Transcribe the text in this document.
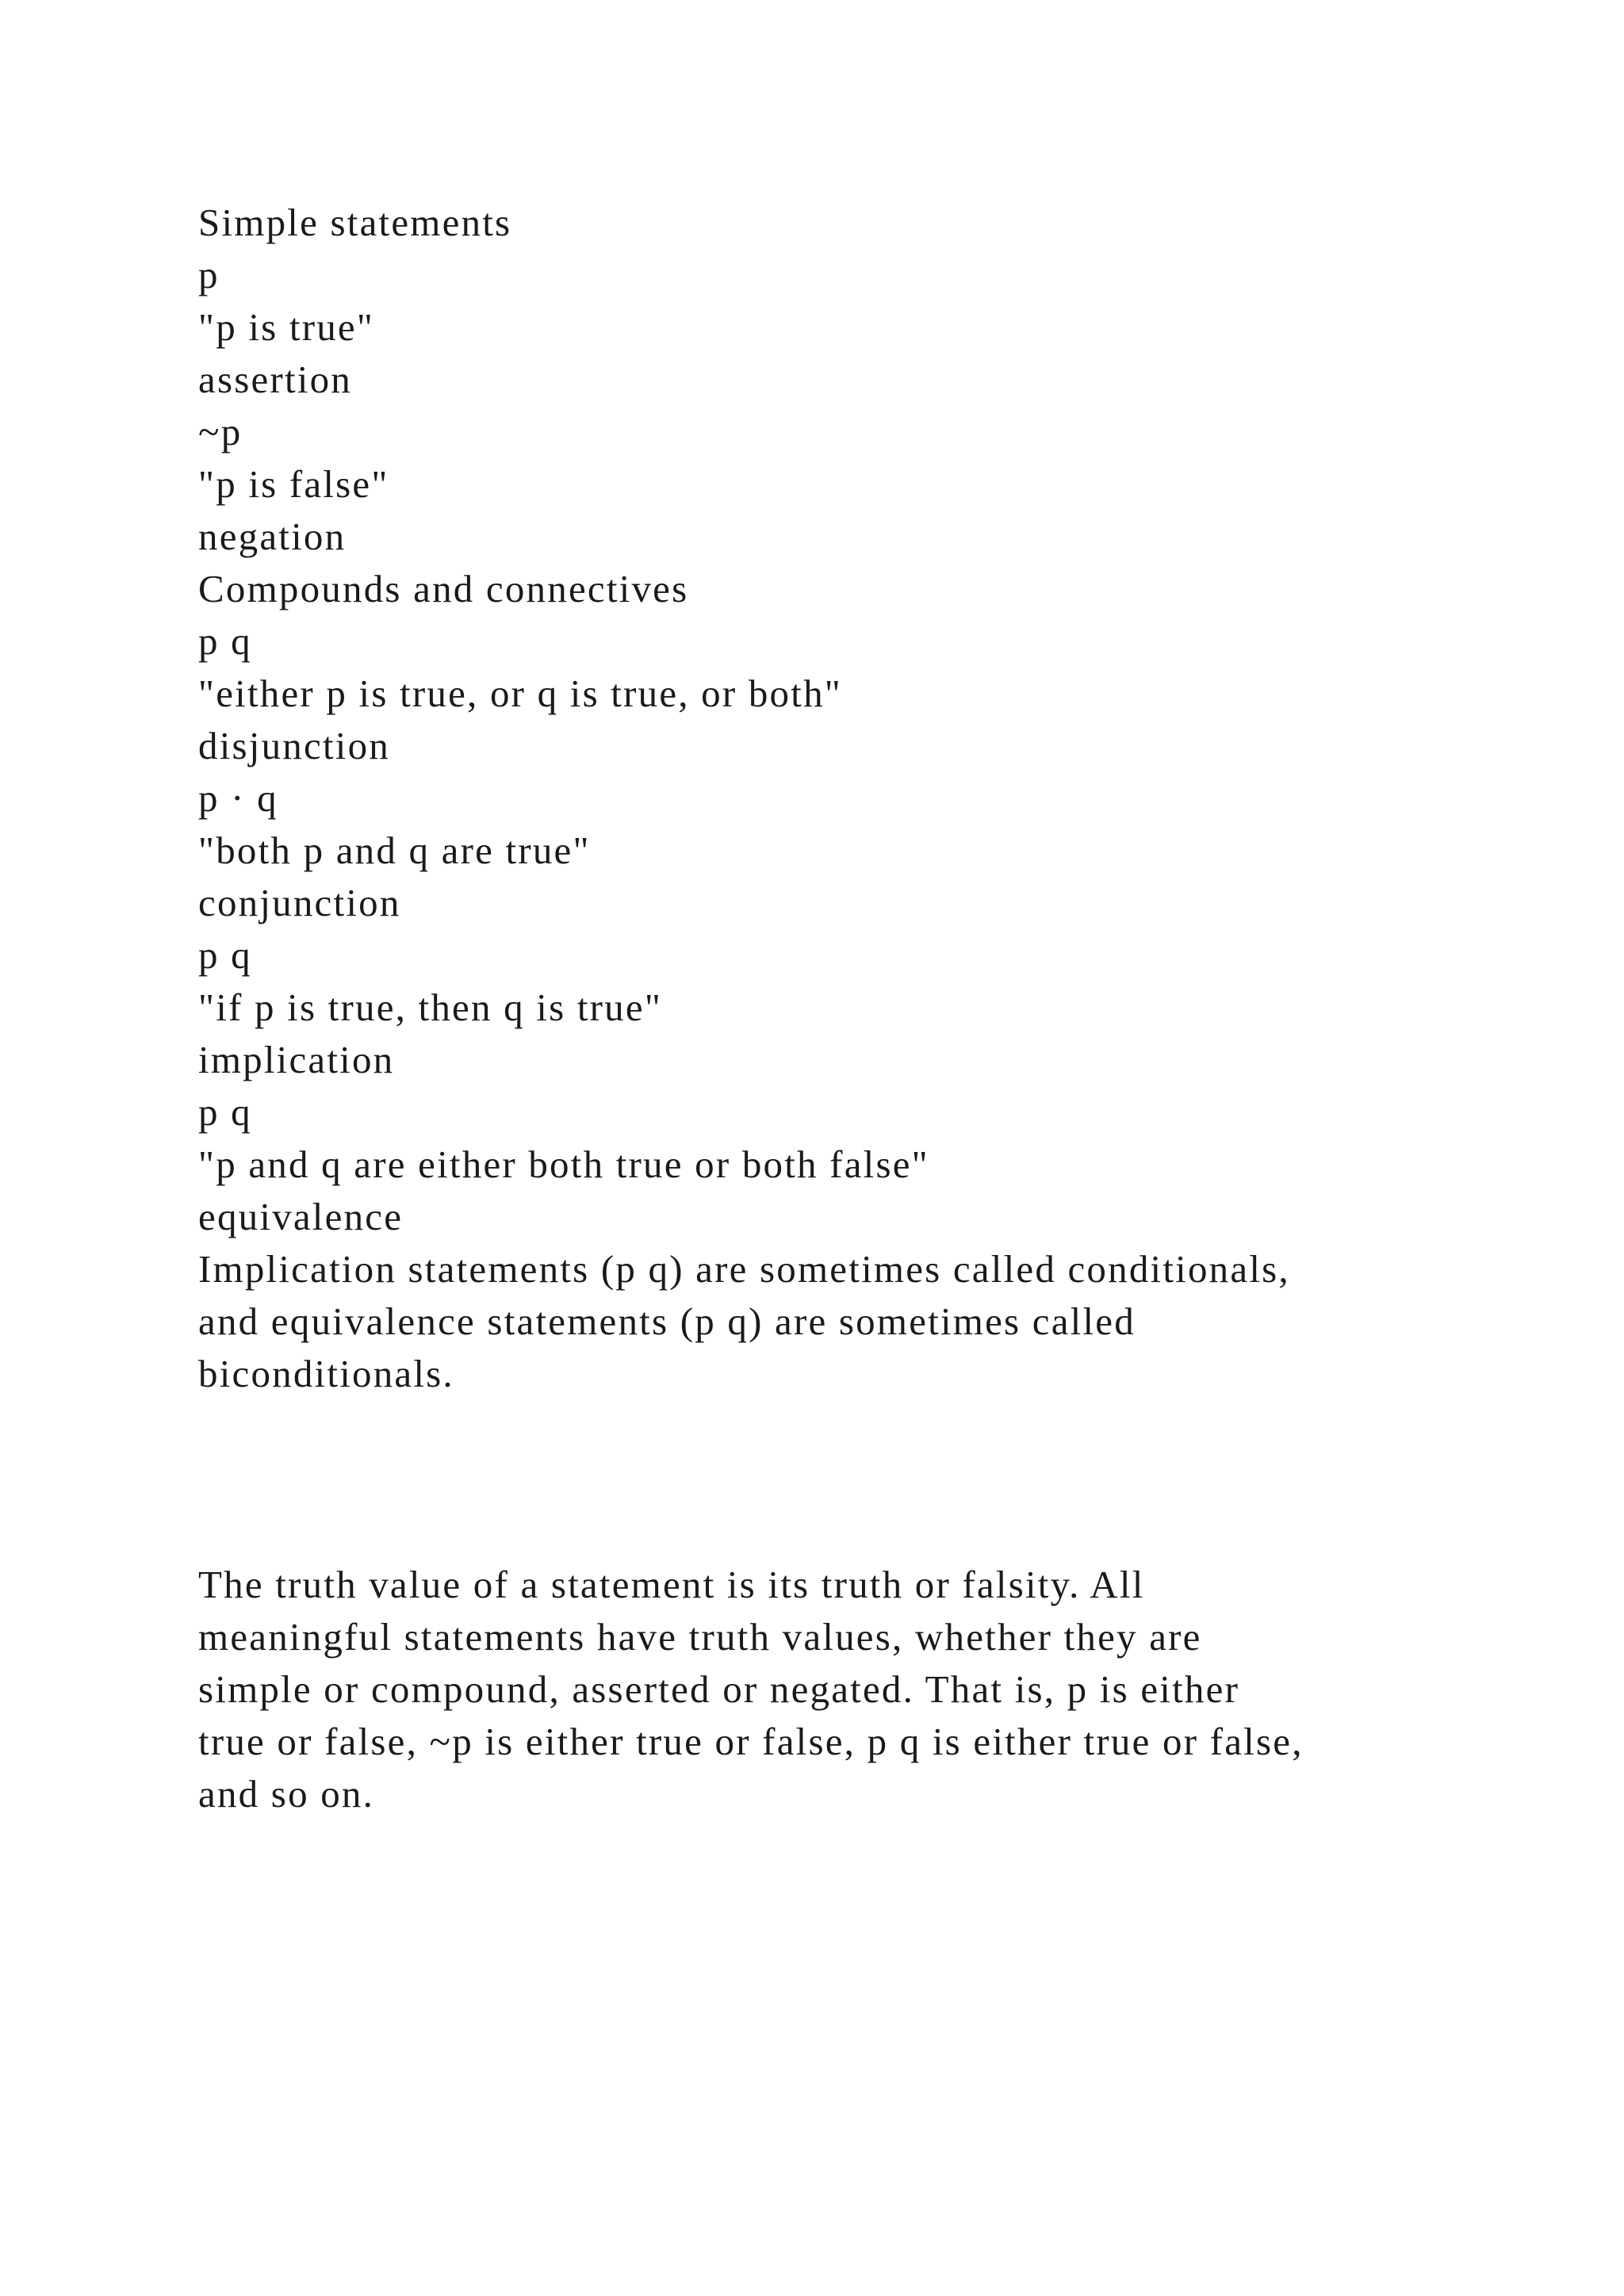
Simple statements
p
"p is true"
assertion
~p
"p is false"
negation
Compounds and connectives
p q
"either p is true, or q is true, or both"
disjunction
p · q
"both p and q are true"
conjunction
p q
"if p is true, then q is true"
implication
p q
"p and q are either both true or both false"
equivalence
Implication statements (p q) are sometimes called conditionals,
and equivalence statements (p q) are sometimes called
biconditionals.
The truth value of a statement is its truth or falsity. All
meaningful statements have truth values, whether they are
simple or compound, asserted or negated. That is, p is either
true or false, ~p is either true or false, p q is either true or false,
and so on.
